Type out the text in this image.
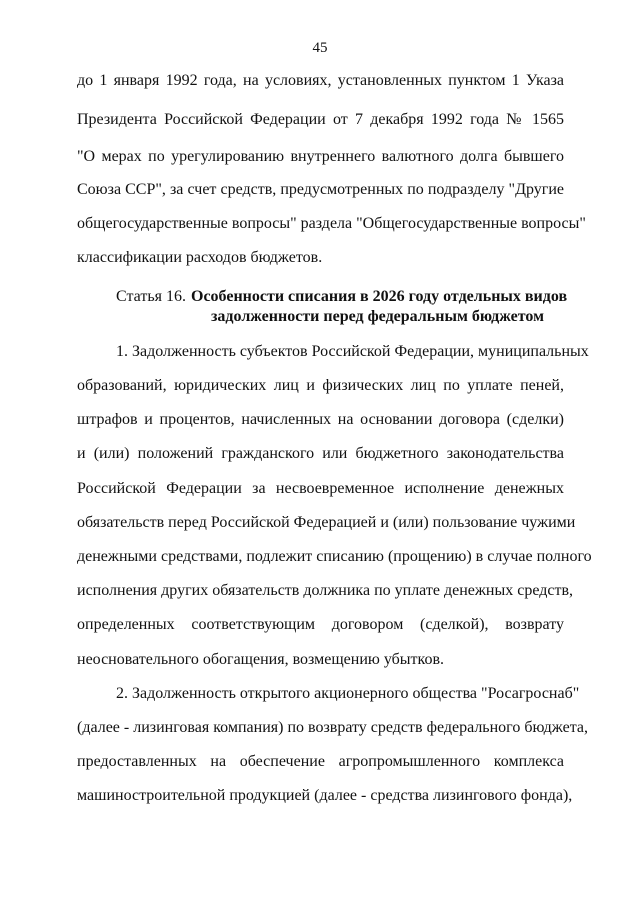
45
до 1 января 1992 года, на условиях, установленных пунктом 1 Указа
Президента Российской Федерации от 7 декабря 1992 года № 1565
"О мерах по урегулированию внутреннего валютного долга бывшего
Союза ССР", за счет средств, предусмотренных по подразделу "Другие
общегосударственные вопросы" раздела "Общегосударственные вопросы"
классификации расходов бюджетов.
Статья 16. Особенности списания в 2026 году отдельных видов
задолженности перед федеральным бюджетом
1. Задолженность субъектов Российской Федерации, муниципальных
образований, юридических лиц и физических лиц по уплате пеней,
штрафов и процентов, начисленных на основании договора (сделки)
и (или) положений гражданского или бюджетного законодательства
Российской Федерации за несвоевременное исполнение денежных
обязательств перед Российской Федерацией и (или) пользование чужими
денежными средствами, подлежит списанию (прощению) в случае полного
исполнения других обязательств должника по уплате денежных средств,
определенных соответствующим договором (сделкой), возврату
неосновательного обогащения, возмещению убытков.
2. Задолженность открытого акционерного общества "Росагроснаб"
(далее - лизинговая компания) по возврату средств федерального бюджета,
предоставленных на обеспечение агропромышленного комплекса
машиностроительной продукцией (далее - средства лизингового фонда),
